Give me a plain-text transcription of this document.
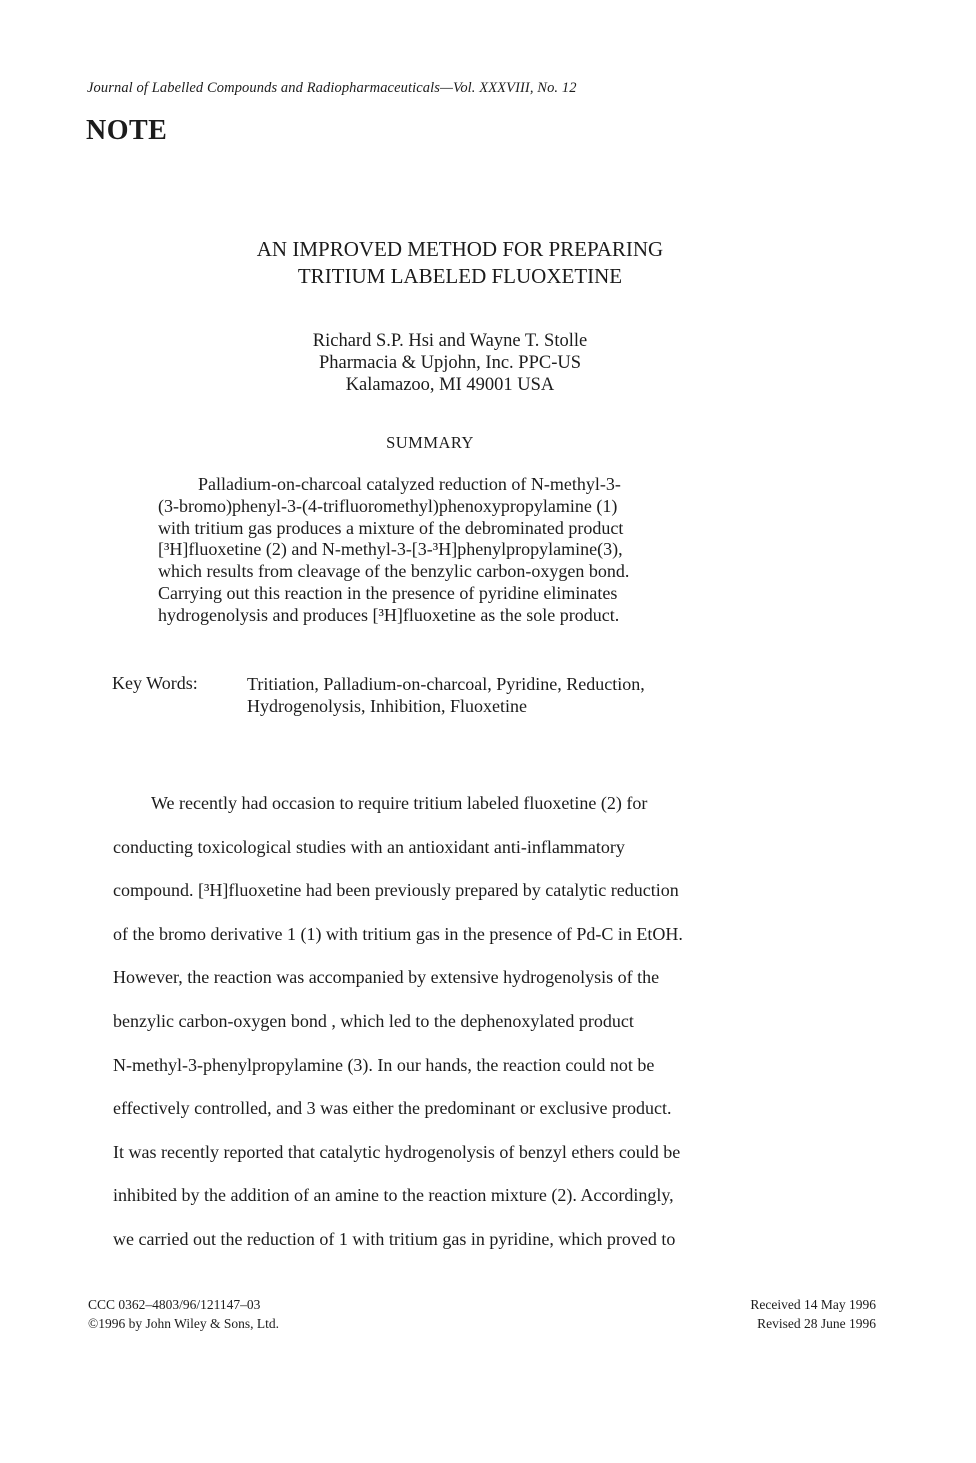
Journal of Labelled Compounds and Radiopharmaceuticals—Vol. XXXVIII, No. 12
NOTE
AN IMPROVED METHOD FOR PREPARING
TRITIUM LABELED FLUOXETINE
Richard S.P. Hsi and Wayne T. Stolle
Pharmacia & Upjohn, Inc. PPC-US
Kalamazoo, MI 49001 USA
SUMMARY
Palladium-on-charcoal catalyzed reduction of N-methyl-3-
(3-bromo)phenyl-3-(4-trifluoromethyl)phenoxypropylamine (1)
with tritium gas produces a mixture of the debrominated product
[³H]fluoxetine (2) and N-methyl-3-[3-³H]phenylpropylamine(3),
which results from cleavage of the benzylic carbon-oxygen bond.
Carrying out this reaction in the presence of pyridine eliminates
hydrogenolysis and produces [³H]fluoxetine as the sole product.
Key Words:	Tritiation, Palladium-on-charcoal, Pyridine, Reduction,
Hydrogenolysis, Inhibition, Fluoxetine
We recently had occasion to require tritium labeled fluoxetine (2) for
conducting toxicological studies with an antioxidant anti-inflammatory
compound. [³H]fluoxetine had been previously prepared by catalytic reduction
of the bromo derivative 1 (1) with tritium gas in the presence of Pd-C in EtOH.
However, the reaction was accompanied by extensive hydrogenolysis of the
benzylic carbon-oxygen bond , which led to the dephenoxylated product
N-methyl-3-phenylpropylamine (3). In our hands, the reaction could not be
effectively controlled, and 3 was either the predominant or exclusive product.
It was recently reported that catalytic hydrogenolysis of benzyl ethers could be
inhibited by the addition of an amine to the reaction mixture (2). Accordingly,
we carried out the reduction of 1 with tritium gas in pyridine, which proved to
CCC 0362–4803/96/121147–03
©1996 by John Wiley & Sons, Ltd.
Received 14 May 1996
Revised 28 June 1996
